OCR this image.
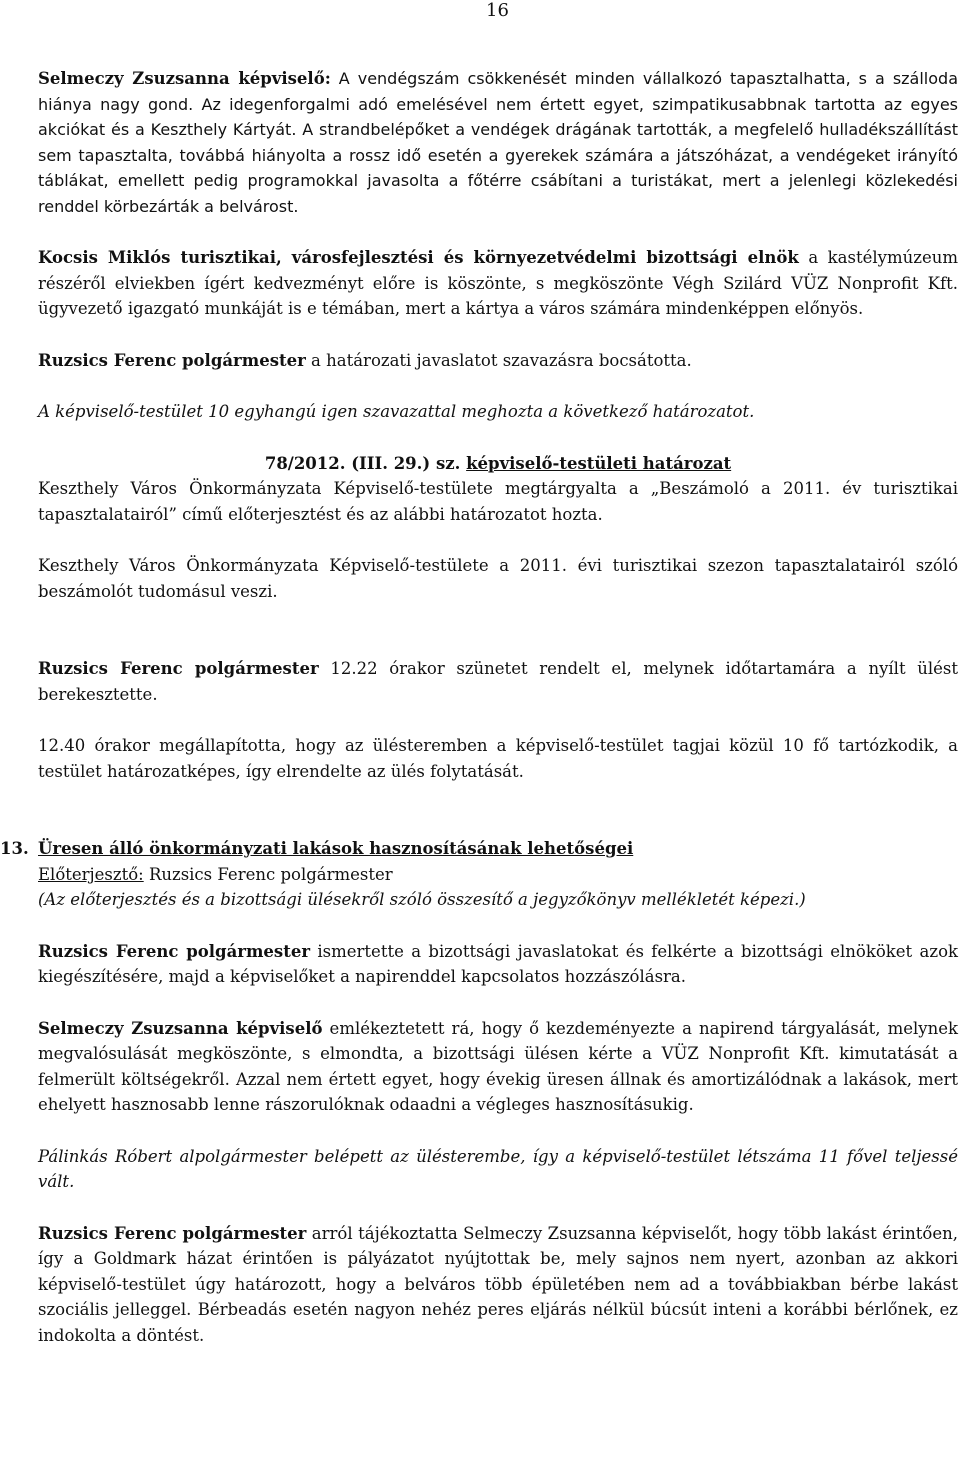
16

Selmeczy Zsuzsanna képviselő: A vendégszám csökkenését minden vállalkozó tapasztalhatta, s a szálloda hiánya nagy gond. Az idegenforgalmi adó emelésével nem értett egyet, szimpatikusabbnak tartotta az egyes akciókat és a Keszthely Kártyát. A strandbelépőket a vendégek drágának tartották, a megfelelő hulladékszállítást sem tapasztalta, továbbá hiányolta a rossz idő esetén a gyerekek számára a játszóházat, a vendégeket irányító táblákat, emellett pedig programokkal javasolta a főtérre csábítani a turistákat, mert a jelenlegi közlekedési renddel körbezárták a belvárost.

Kocsis Miklós turisztikai, városfejlesztési és környezetvédelmi bizottsági elnök a kastélymúzeum részéről elviekben ígért kedvezményt előre is köszönte, s megköszönte Végh Szilárd VÜZ Nonprofit Kft. ügyvezető igazgató munkáját is e témában, mert a kártya a város számára mindenképpen előnyös.

Ruzsics Ferenc polgármester a határozati javaslatot szavazásra bocsátotta.

A képviselő-testület 10 egyhangú igen szavazattal meghozta a következő határozatot.

78/2012. (III. 29.) sz. képviselő-testületi határozat

Keszthely Város Önkormányzata Képviselő-testülete megtárgyalta a „Beszámoló a 2011. év turisztikai tapasztalatairól” című előterjesztést és az alábbi határozatot hozta.

Keszthely Város Önkormányzata Képviselő-testülete a 2011. évi turisztikai szezon tapasztalatairól szóló beszámolót tudomásul veszi.

Ruzsics Ferenc polgármester 12.22 órakor szünetet rendelt el, melynek időtartamára a nyílt ülést berekesztette.

12.40 órakor megállapította, hogy az ülésteremben a képviselő-testület tagjai közül 10 fő tartózkodik, a testület határozatképes, így elrendelte az ülés folytatását.

13. Üresen álló önkormányzati lakások hasznosításának lehetőségei

Előterjesztő: Ruzsics Ferenc polgármester

(Az előterjesztés és a bizottsági ülésekről szóló összesítő a jegyzőkönyv mellékletét képezi.)

Ruzsics Ferenc polgármester ismertette a bizottsági javaslatokat és felkérte a bizottsági elnököket azok kiegészítésére, majd a képviselőket a napirenddel kapcsolatos hozzászólásra.

Selmeczy Zsuzsanna képviselő emlékeztetett rá, hogy ő kezdeményezte a napirend tárgyalását, melynek megvalósulását megköszönte, s elmondta, a bizottsági ülésen kérte a VÜZ Nonprofit Kft. kimutatását a felmerült költségekről. Azzal nem értett egyet, hogy évekig üresen állnak és amortizálódnak a lakások, mert ehelyett hasznosabb lenne rászorulóknak odaadni a végleges hasznosításukig.

Pálinkás Róbert alpolgármester belépett az ülésterembe, így a képviselő-testület létszáma 11 fővel teljessé vált.

Ruzsics Ferenc polgármester arról tájékoztatta Selmeczy Zsuzsanna képviselőt, hogy több lakást érintően, így a Goldmark házat érintően is pályázatot nyújtottak be, mely sajnos nem nyert, azonban az akkori képviselő-testület úgy határozott, hogy a belváros több épületében nem ad a továbbiakban bérbe lakást szociális jelleggel. Bérbeadás esetén nagyon nehéz peres eljárás nélkül búcsút inteni a korábbi bérlőnek, ez indokolta a döntést.
